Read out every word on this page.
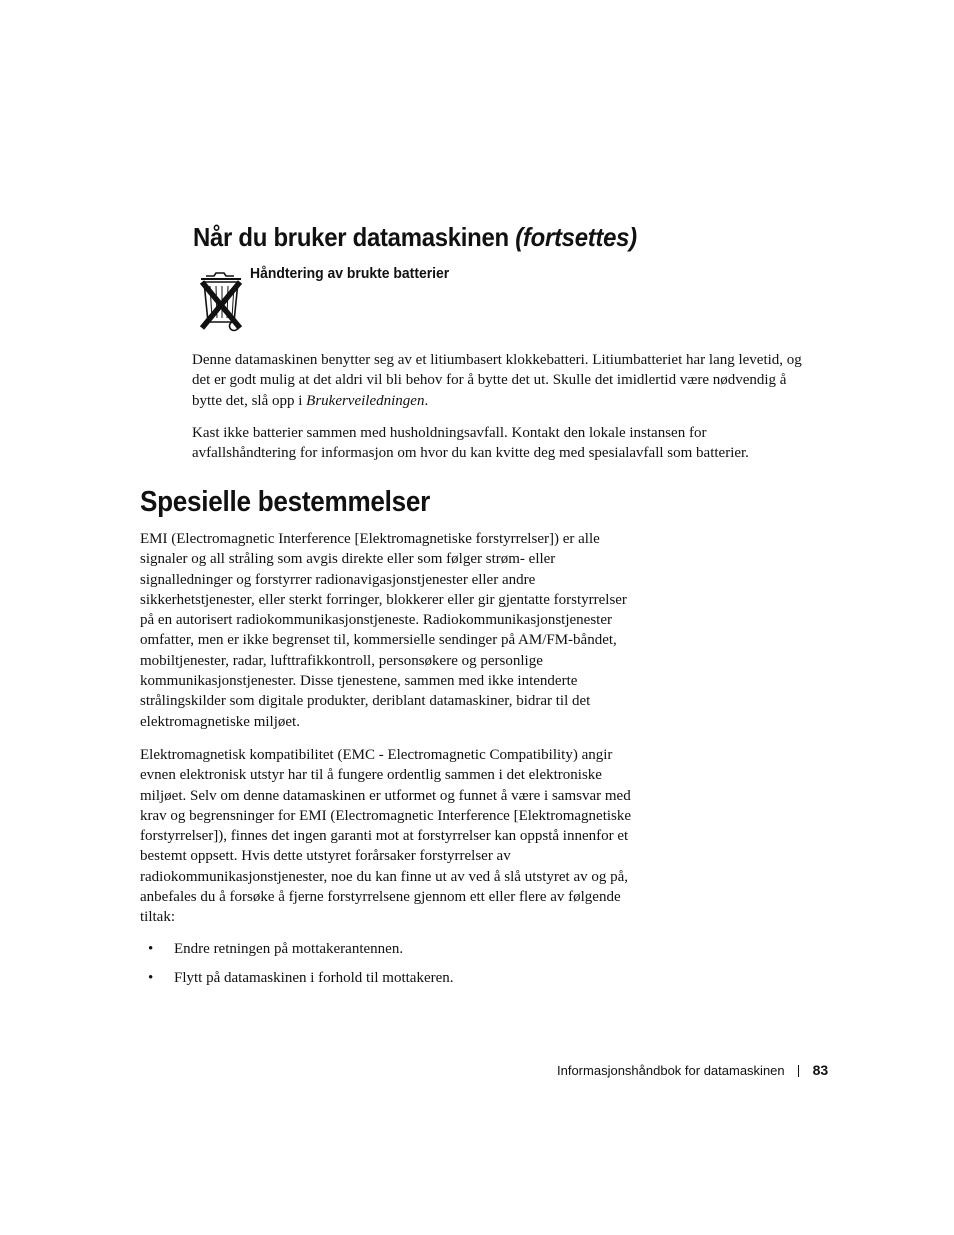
Når du bruker datamaskinen (fortsettes)
Håndtering av brukte batterier

Denne datamaskinen benytter seg av et litiumbasert klokkebatteri. Litiumbatteriet har lang levetid, og det er godt mulig at det aldri vil bli behov for å bytte det ut. Skulle det imidlertid være nødvendig å bytte det, slå opp i Brukerveiledningen.

Kast ikke batterier sammen med husholdningsavfall. Kontakt den lokale instansen for avfallshåndtering for informasjon om hvor du kan kvitte deg med spesialavfall som batterier.

Spesielle bestemmelser

EMI (Electromagnetic Interference [Elektromagnetiske forstyrrelser]) er alle signaler og all stråling som avgis direkte eller som følger strøm- eller signalledninger og forstyrrer radionavigasjonstjenester eller andre sikkerhetstjenester, eller sterkt forringer, blokkerer eller gir gjentatte forstyrrelser på en autorisert radiokommunikasjonstjeneste. Radiokommunikasjonstjenester omfatter, men er ikke begrenset til, kommersielle sendinger på AM/FM-båndet, mobiltjenester, radar, lufttrafikkontroll, personsøkere og personlige kommunikasjonstjenester. Disse tjenestene, sammen med ikke intenderte strålingskilder som digitale produkter, deriblant datamaskiner, bidrar til det elektromagnetiske miljøet.

Elektromagnetisk kompatibilitet (EMC - Electromagnetic Compatibility) angir evnen elektronisk utstyr har til å fungere ordentlig sammen i det elektroniske miljøet. Selv om denne datamaskinen er utformet og funnet å være i samsvar med krav og begrensninger for EMI (Electromagnetic Interference [Elektromagnetiske forstyrrelser]), finnes det ingen garanti mot at forstyrrelser kan oppstå innenfor et bestemt oppsett. Hvis dette utstyret forårsaker forstyrrelser av radiokommunikasjonstjenester, noe du kan finne ut av ved å slå utstyret av og på, anbefales du å forsøke å fjerne forstyrrelsene gjennom ett eller flere av følgende tiltak:

• Endre retningen på mottakerantennen.
• Flytt på datamaskinen i forhold til mottakeren.
Informasjonshåndbok for datamaskinen 83
